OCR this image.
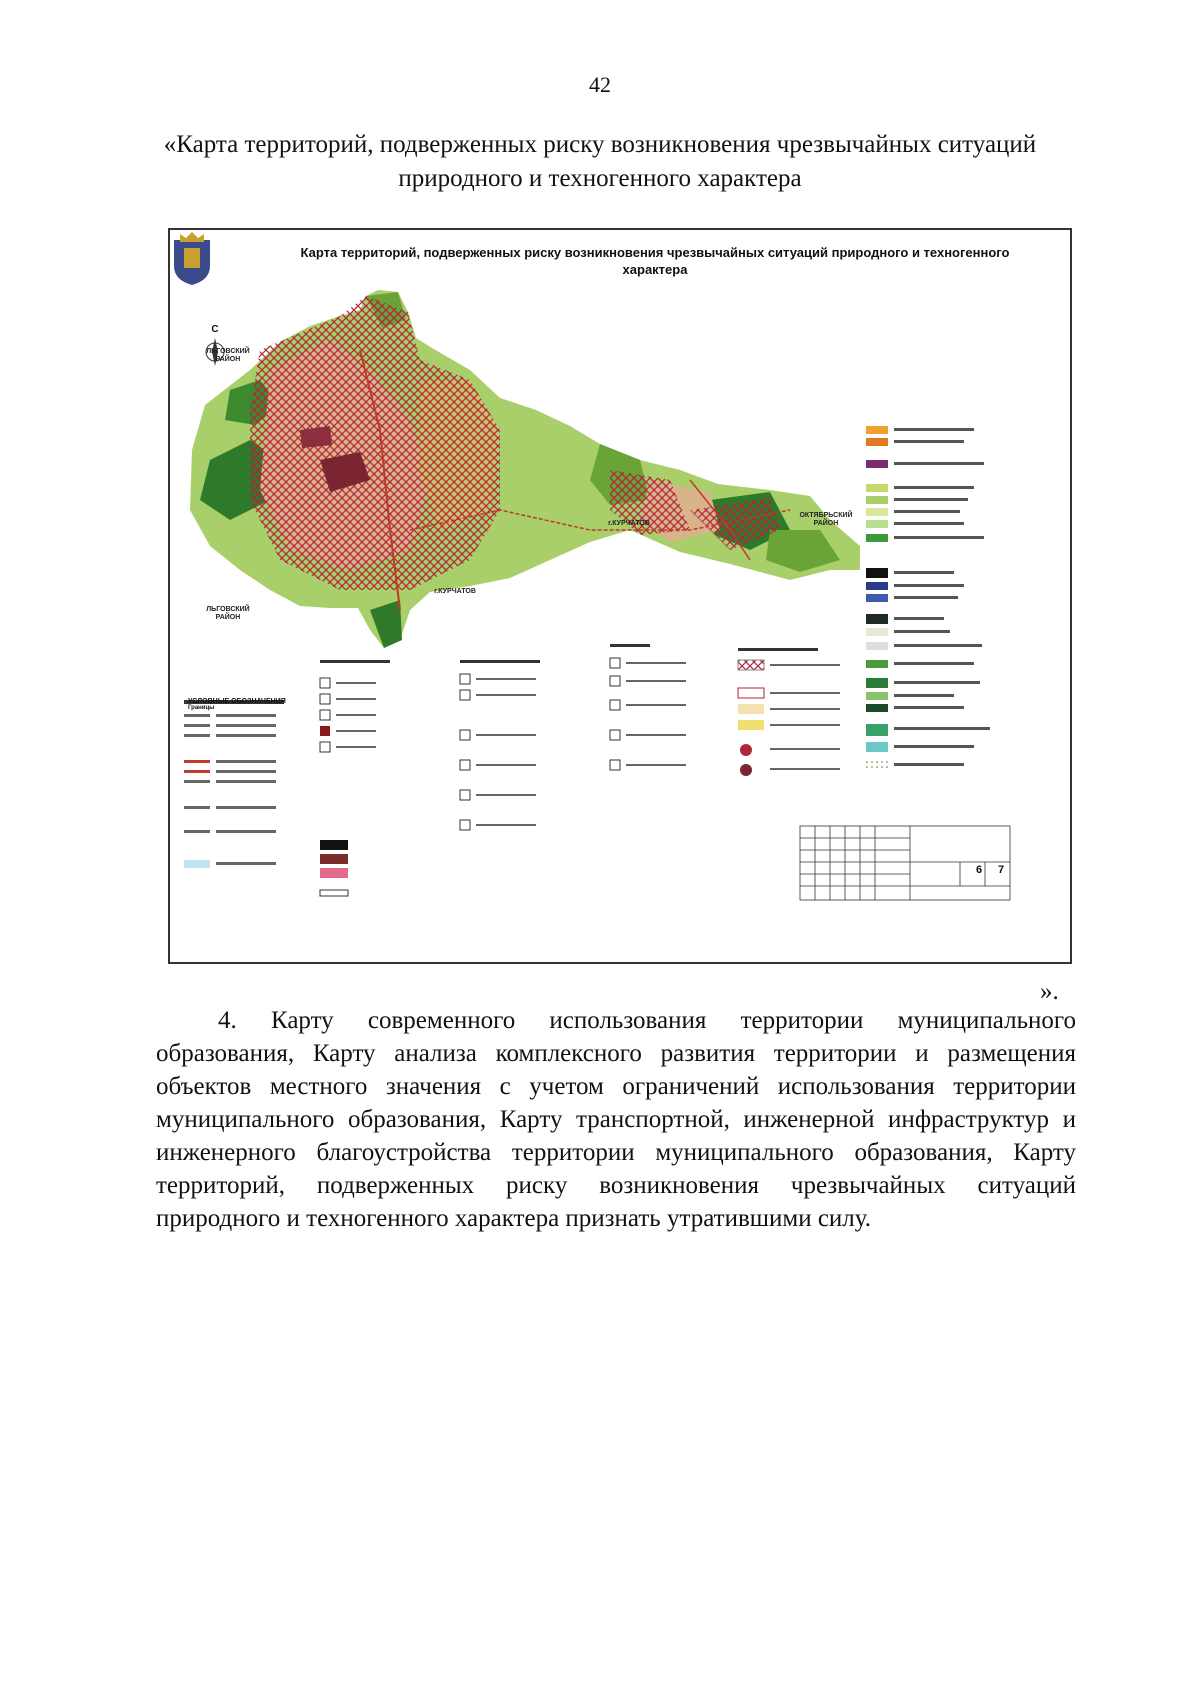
42
«Карта территорий, подверженных риску возникновения чрезвычайных ситуаций природного и техногенного характера
Карта территорий, подверженных риску возникновения чрезвычайных ситуаций природного и техногенного характера
С
ЛЬГОВСКИЙ РАЙОН
ЛЬГОВСКИЙ РАЙОН
ОКТЯБРЬСКИЙ РАЙОН
г.КУРЧАТОВ
г.КУРЧАТОВ
УСЛОВНЫЕ ОБОЗНАЧЕНИЯ
Границы
6 7
».
4. Карту современного использования территории муниципального образования, Карту анализа комплексного развития территории и размещения объектов местного значения с учетом ограничений использования территории муниципального образования, Карту транспортной, инженерной инфраструктур и инженерного благоустройства территории муниципального образования, Карту территорий, подверженных риску возникновения чрезвычайных ситуаций природного и техногенного характера признать утратившими силу.
